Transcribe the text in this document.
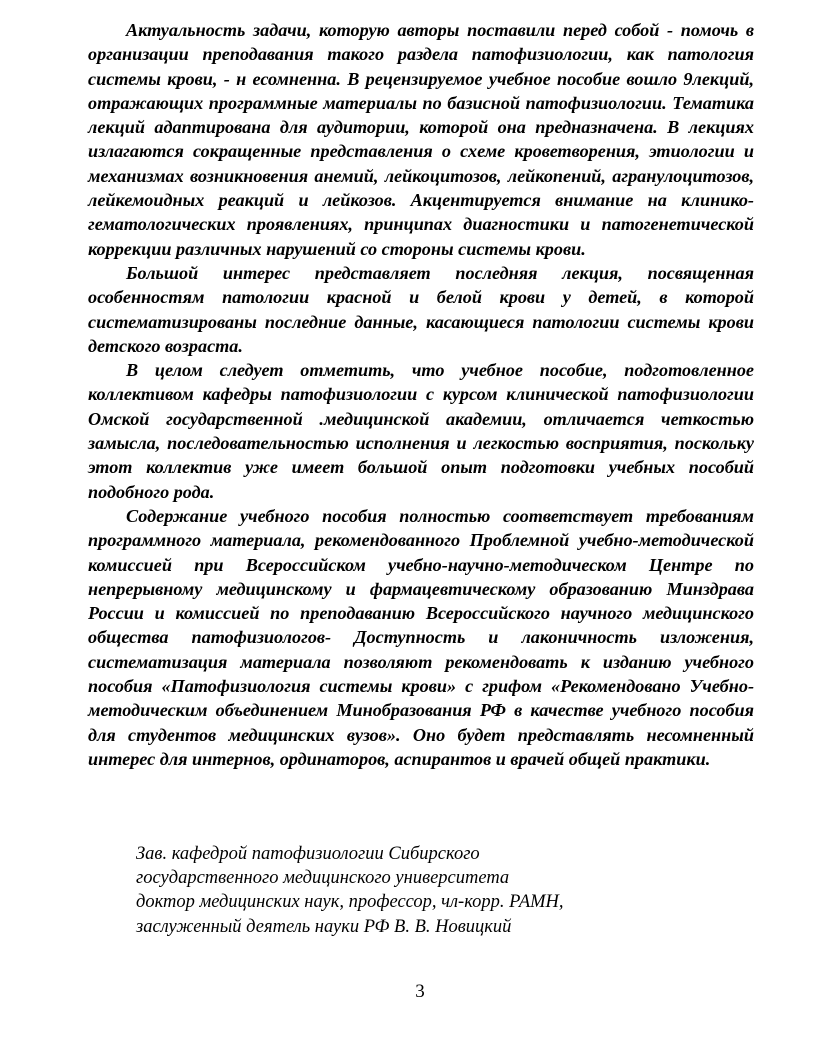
Актуальность задачи, которую авторы поставили перед собой - помочь в организации преподавания такого раздела патофизиологии, как патология системы крови, - н есомненна. В рецензируемое учебное пособие вошло 9лекций, отражающих программные материалы по базисной патофизиологии. Тематика лекций адаптирована для аудитории, которой она предназначена. В лекциях излагаются сокращенные представления о схеме кроветворения, этиологии и механизмах возникновения анемий, лейкоцитозов, лейкопений, агранулоцитозов, лейкемоидных реакций и лейкозов. Акцентируется внимание на клинико-гематологических проявлениях, принципах диагностики и патогенетической коррекции различных нарушений со стороны системы крови.

Большой интерес представляет последняя лекция, посвященная особенностям патологии красной и белой крови у детей, в которой систематизированы последние данные, касающиеся патологии системы крови детского возраста.

В целом следует отметить, что учебное пособие, подготовленное коллективом кафедры патофизиологии с курсом клинической патофизиологии Омской государственной .медицинской академии, отличается четкостью замысла, последовательностью исполнения и легкостью восприятия, поскольку этот коллектив уже имеет большой опыт подготовки учебных пособий подобного рода.

Содержание учебного пособия полностью соответствует требованиям программного материала, рекомендованного Проблемной учебно-методической комиссией при Всероссийском учебно-научно-методическом Центре по непрерывному медицинскому и фармацевтическому образованию Минздрава России и комиссией по преподаванию Всероссийского научного медицинского общества патофизиологов- Доступность и лаконичность изложения, систематизация материала позволяют рекомендовать к изданию учебного пособия «Патофизиология системы крови» с грифом «Рекомендовано Учебно-методическим объединением Минобразования РФ в качестве учебного пособия для студентов медицинских вузов». Оно будет представлять несомненный интерес для интернов, ординаторов, аспирантов и врачей общей практики.

Зав. кафедрой патофизиологии Сибирского
государственного медицинского университета
доктор медицинских наук, профессор, чл-корр. РАМН,
заслуженный деятель науки РФ В. В. Новицкий
3
